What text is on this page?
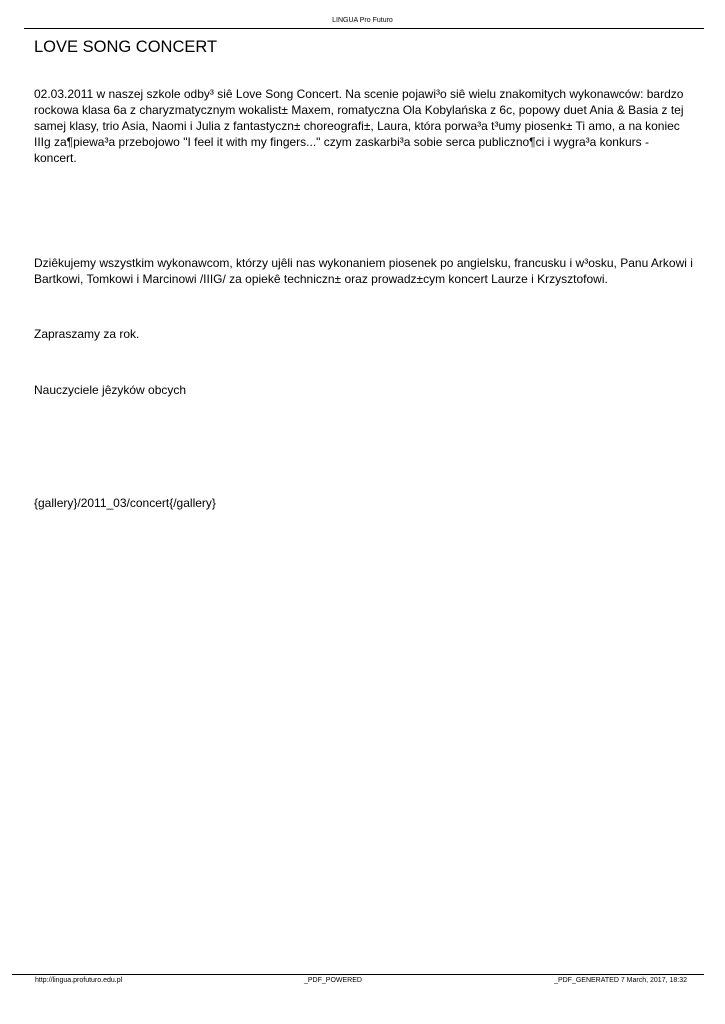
LINGUA Pro Futuro
LOVE SONG CONCERT

02.03.2011 w naszej szkole odby³ siê Love Song Concert. Na scenie pojawi³o siê wielu znakomitych wykonawców: bardzo rockowa klasa 6a z charyzmatycznym wokalist± Maxem, romatyczna Ola Kobylańska z 6c, popowy duet Ania & Basia z tej samej klasy, trio Asia, Naomi i Julia z fantastyczn± choreografi±, Laura, która porwa³a t³umy piosenk± Ti amo, a na koniec IIIg za¶piewa³a przebojowo "I feel it with my fingers..." czym zaskarbi³a sobie serca publiczno¶ci i wygra³a konkurs - koncert.

Dziêkujemy wszystkim wykonawcom, którzy ujêli nas wykonaniem piosenek po angielsku, francusku i w³osku, Panu Arkowi i Bartkowi, Tomkowi i Marcinowi /IIIG/ za opiekê techniczn± oraz prowadz±cym koncert Laurze i Krzysztofowi.

Zapraszamy za rok.

Nauczyciele jêzyków obcych

{gallery}/2011_03/concert{/gallery}

http://lingua.profuturo.edu.pl	_PDF_POWERED	_PDF_GENERATED 7 March, 2017, 18:32
